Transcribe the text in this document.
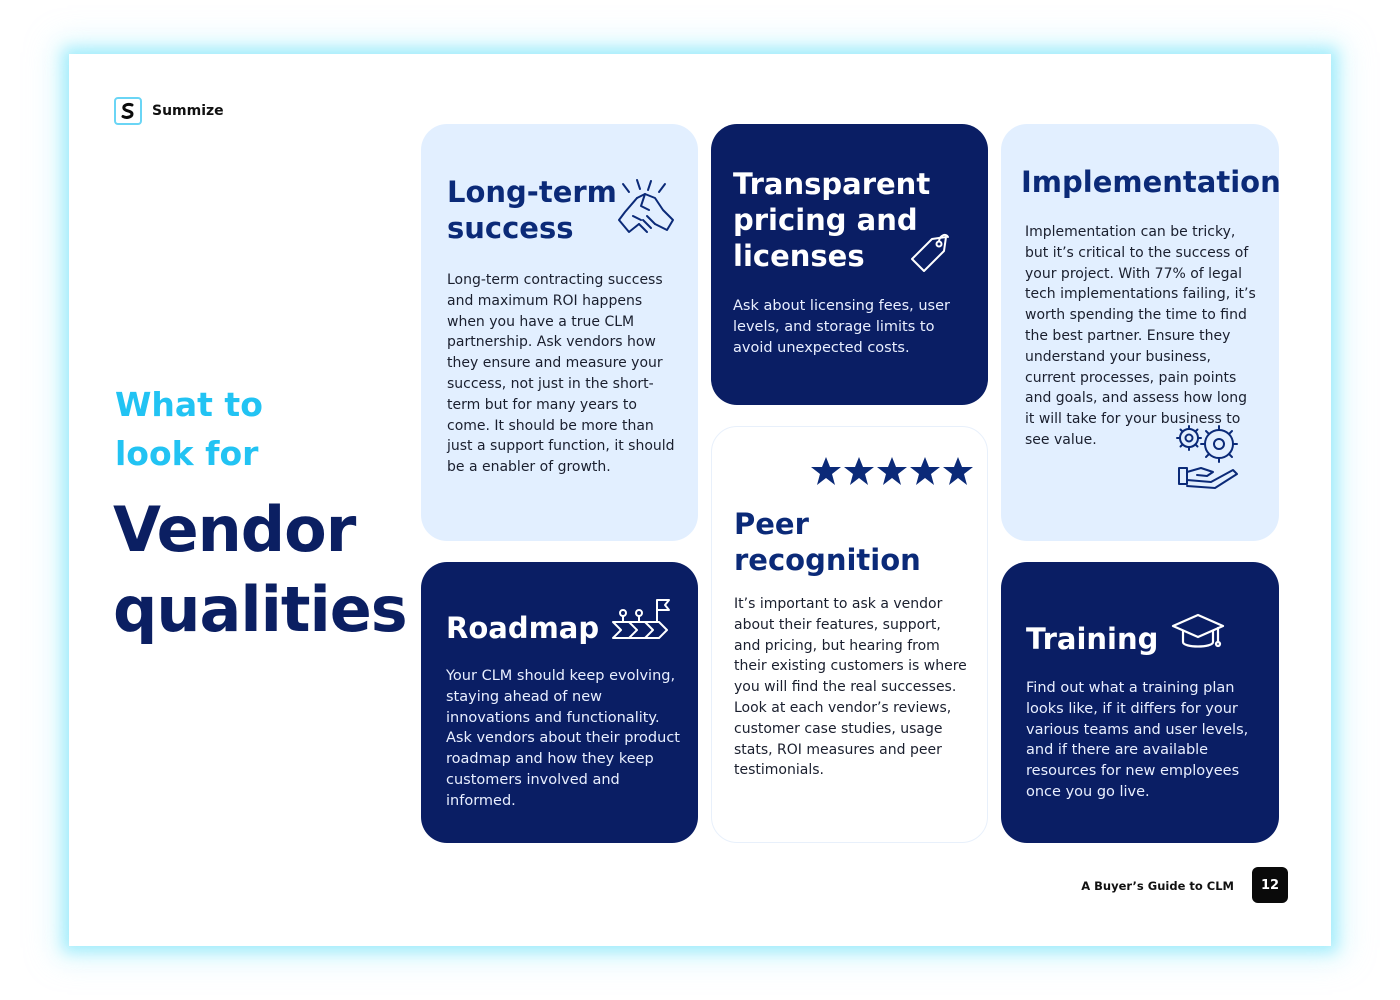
Summize
What to
look for
Vendor
qualities
Long-term
success
Long-term contracting success and maximum ROI happens when you have a true CLM partnership. Ask vendors how they ensure and measure your success, not just in the short-term but for many years to come. It should be more than just a support function, it should be a enabler of growth.
Transparent
pricing and
licenses
Ask about licensing fees, user levels, and storage limits to avoid unexpected costs.
Implementation
Implementation can be tricky, but it’s critical to the success of your project. With 77% of legal tech implementations failing, it’s worth spending the time to find the best partner. Ensure they understand your business, current processes, pain points and goals, and assess how long it will take for your business to see value.
Peer
recognition
It’s important to ask a vendor about their features, support, and pricing, but hearing from their existing customers is where you will find the real successes. Look at each vendor’s reviews, customer case studies, usage stats, ROI measures and peer testimonials.
Roadmap
Your CLM should keep evolving, staying ahead of new innovations and functionality. Ask vendors about their product roadmap and how they keep customers involved and informed.
Training
Find out what a training plan looks like, if it differs for your various teams and user levels, and if there are available resources for new employees once you go live.
A Buyer’s Guide to CLM	12
